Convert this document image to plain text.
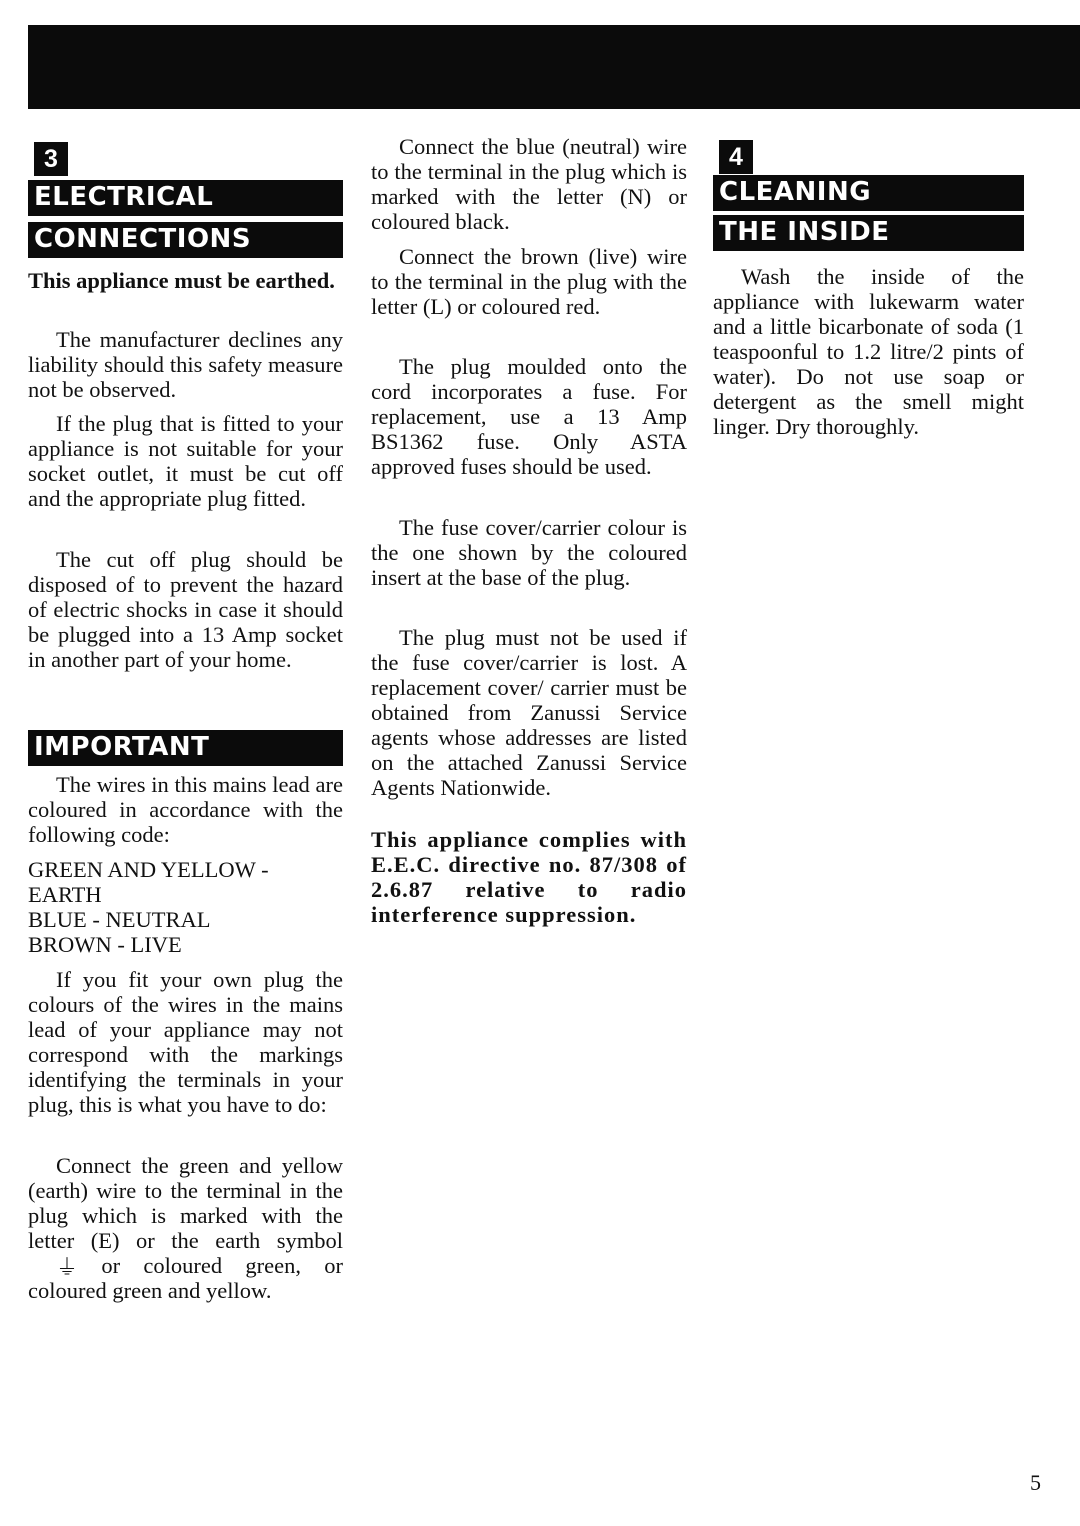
3
ELECTRICAL
CONNECTIONS

This appliance must be earthed.

The manufacturer declines any liability should this safety measure not be observed.

If the plug that is fitted to your appliance is not suitable for your socket outlet, it must be cut off and the appropriate plug fitted.

The cut off plug should be disposed of to prevent the hazard of electric shocks in case it should be plugged into a 13 Amp socket in another part of your home.

IMPORTANT

The wires in this mains lead are coloured in accordance with the following code:

GREEN AND YELLOW - EARTH

BLUE - NEUTRAL

BROWN - LIVE

If you fit your own plug the colours of the wires in the mains lead of your appliance may not correspond with the markings identifying the terminals in your plug, this is what you have to do:

Connect the green and yellow (earth) wire to the terminal in the plug which is marked with the letter (E) or the earth symbol ⏚ or coloured green, or coloured green and yellow.

Connect the blue (neutral) wire to the terminal in the plug which is marked with the letter (N) or coloured black.

Connect the brown (live) wire to the terminal in the plug with the letter (L) or coloured red.

The plug moulded onto the cord incorporates a fuse. For replacement, use a 13 Amp BS1362 fuse. Only ASTA approved fuses should be used.

The fuse cover/carrier colour is the one shown by the coloured insert at the base of the plug.

The plug must not be used if the fuse cover/carrier is lost. A replacement cover/ carrier must be obtained from Zanussi Service agents whose addresses are listed on the attached Zanussi Service Agents Nationwide.

This appliance complies with E.E.C. directive no. 87/308 of 2.6.87 relative to radio interference suppression.

4
CLEANING
THE INSIDE

Wash the inside of the appliance with lukewarm water and a little bicarbonate of soda (1 teaspoonful to 1.2 litre/2 pints of water). Do not use soap or detergent as the smell might linger. Dry thoroughly.

5
